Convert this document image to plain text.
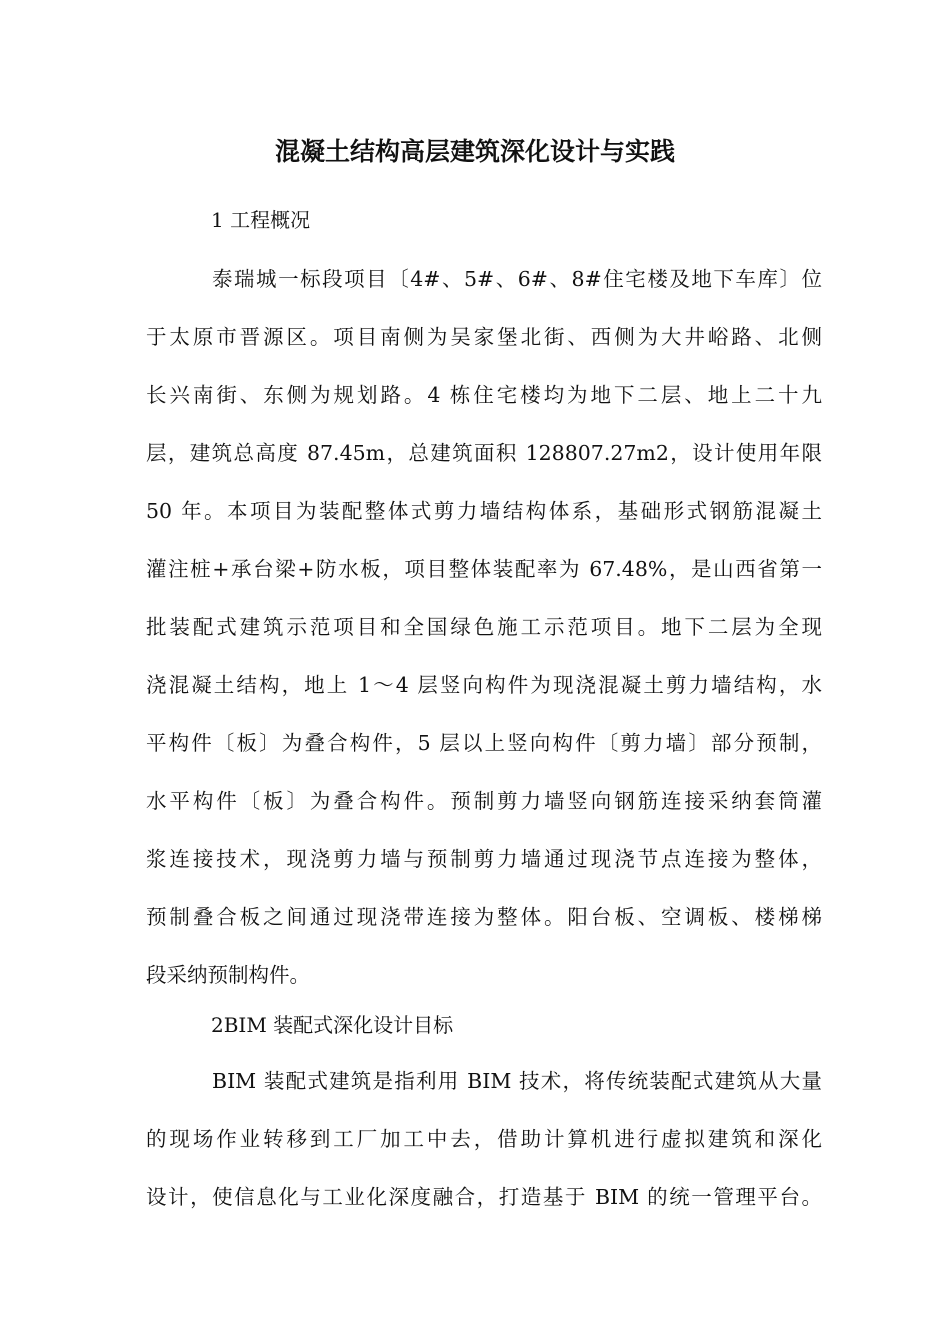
混凝土结构高层建筑深化设计与实践
1 工程概况
泰瑞城一标段项目〔4#、5#、6#、8#住宅楼及地下车库〕位
于太原市晋源区。项目南侧为吴家堡北街、西侧为大井峪路、北侧
长兴南街、东侧为规划路。4 栋住宅楼均为地下二层、地上二十九
层，建筑总高度 87.45m，总建筑面积 128807.27m2，设计使用年限
50 年。本项目为装配整体式剪力墙结构体系，基础形式钢筋混凝土
灌注桩+承台梁+防水板，项目整体装配率为 67.48%，是山西省第一
批装配式建筑示范项目和全国绿色施工示范项目。地下二层为全现
浇混凝土结构，地上 1～4 层竖向构件为现浇混凝土剪力墙结构，水
平构件〔板〕为叠合构件，5 层以上竖向构件〔剪力墙〕部分预制，
水平构件〔板〕为叠合构件。预制剪力墙竖向钢筋连接采纳套筒灌
浆连接技术，现浇剪力墙与预制剪力墙通过现浇节点连接为整体，
预制叠合板之间通过现浇带连接为整体。阳台板、空调板、楼梯梯
段采纳预制构件。
2BIM 装配式深化设计目标
BIM 装配式建筑是指利用 BIM 技术，将传统装配式建筑从大量
的现场作业转移到工厂加工中去，借助计算机进行虚拟建筑和深化
设计，使信息化与工业化深度融合，打造基于 BIM 的统一管理平台。
